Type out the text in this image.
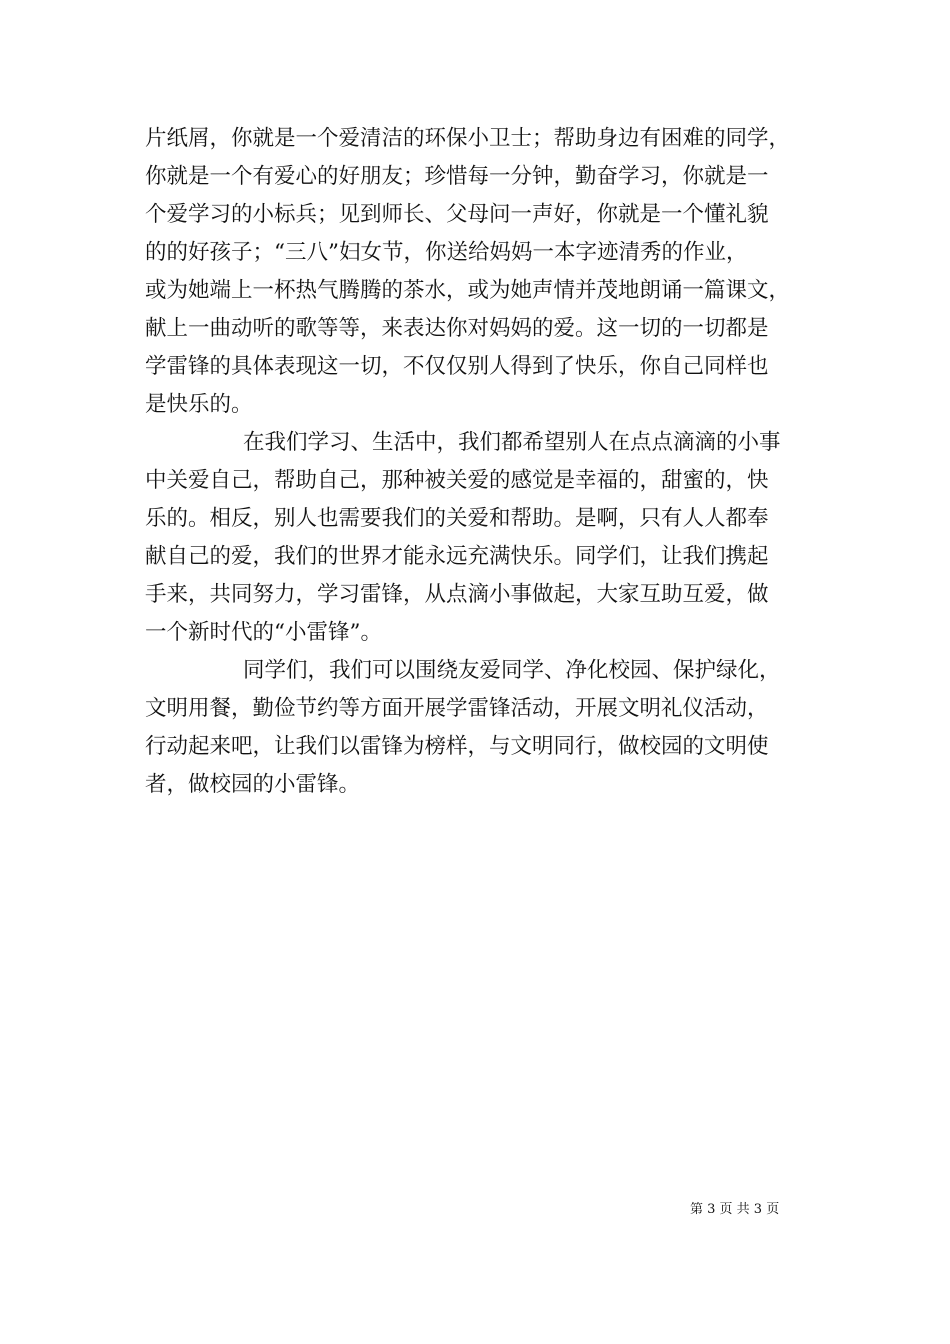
片纸屑，你就是一个爱清洁的环保小卫士；帮助身边有困难的同学，
你就是一个有爱心的好朋友；珍惜每一分钟，勤奋学习，你就是一
个爱学习的小标兵；见到师长、父母问一声好，你就是一个懂礼貌
的的好孩子；“三八”妇女节，你送给妈妈一本字迹清秀的作业，
或为她端上一杯热气腾腾的茶水，或为她声情并茂地朗诵一篇课文，
献上一曲动听的歌等等，来表达你对妈妈的爱。这一切的一切都是
学雷锋的具体表现这一切，不仅仅别人得到了快乐，你自己同样也
是快乐的。
在我们学习、生活中，我们都希望别人在点点滴滴的小事
中关爱自己，帮助自己，那种被关爱的感觉是幸福的，甜蜜的，快
乐的。相反，别人也需要我们的关爱和帮助。是啊，只有人人都奉
献自己的爱，我们的世界才能永远充满快乐。同学们，让我们携起
手来，共同努力，学习雷锋，从点滴小事做起，大家互助互爱，做
一个新时代的“小雷锋”。
同学们，我们可以围绕友爱同学、净化校园、保护绿化，
文明用餐，勤俭节约等方面开展学雷锋活动，开展文明礼仪活动，
行动起来吧，让我们以雷锋为榜样，与文明同行，做校园的文明使
者，做校园的小雷锋。
第 3 页 共 3 页
